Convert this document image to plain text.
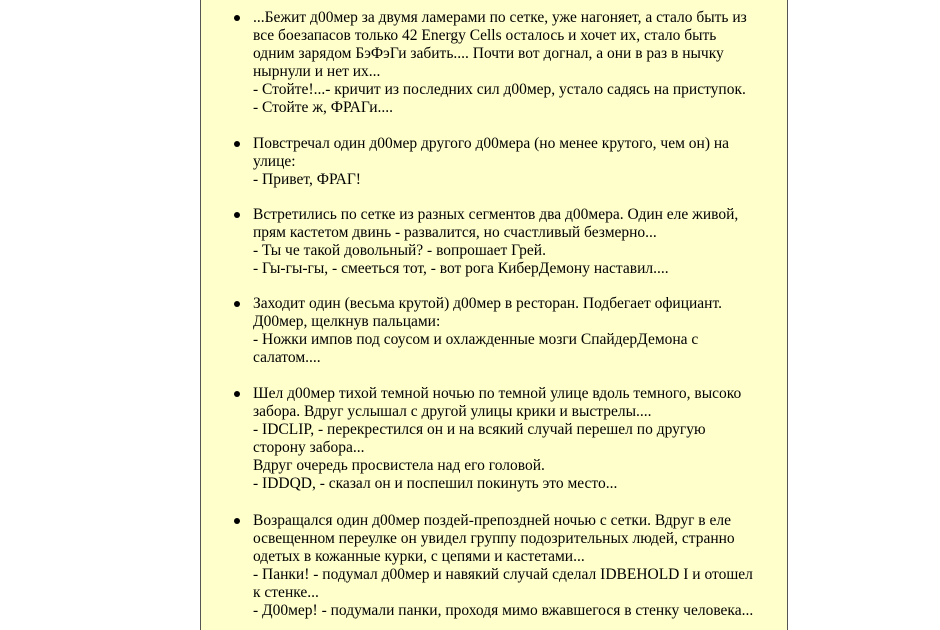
...Бежит д00мер за двумя ламерами по сетке, уже нагоняет, а стало быть из
все боезапасов только 42 Energy Cells осталось и хочет их, стало быть
одним зарядом БэФэГи забить.... Почти вот догнал, а они в раз в нычку
нырнули и нет их...
- Стойте!...- кричит из последних сил д00мер, устало садясь на приступок.
- Стойте ж, ФРАГи....
Повстречал один д00мер другого д00мера (но менее крутого, чем он) на
улице:
- Привет, ФРАГ!
Встретились по сетке из разных сегментов два д00мера. Один еле живой,
прям кастетом двинь - развалится, но счастливый безмерно...
- Ты че такой довольный? - вопрошает Грей.
- Гы-гы-гы, - смееться тот, - вот рога КиберДемону наставил....
Заходит один (весьма крутой) д00мер в ресторан. Подбегает официант.
Д00мер, щелкнув пальцами:
- Ножки импов под соусом и охлажденные мозги СпайдерДемона с
салатом....
Шел д00мер тихой темной ночью по темной улице вдоль темного, высоко
забора. Вдруг услышал с другой улицы крики и выстрелы....
- IDCLIP, - перекрестился он и на всякий случай перешел по другую
сторону забора...
Вдруг очередь просвистела над его головой.
- IDDQD, - сказал он и поспешил покинуть это место...
Возращался один д00мер поздей-препоздней ночью с сетки. Вдруг в еле
освещенном переулке он увидел группу подозрительных людей, странно
одетых в кожанные курки, с цепями и кастетами...
- Панки! - подумал д00мер и навякий случай сделал IDBEHOLD I и отошел
к стенке...
- Д00мер! - подумали панки, проходя мимо вжавшегося в стенку человека...
